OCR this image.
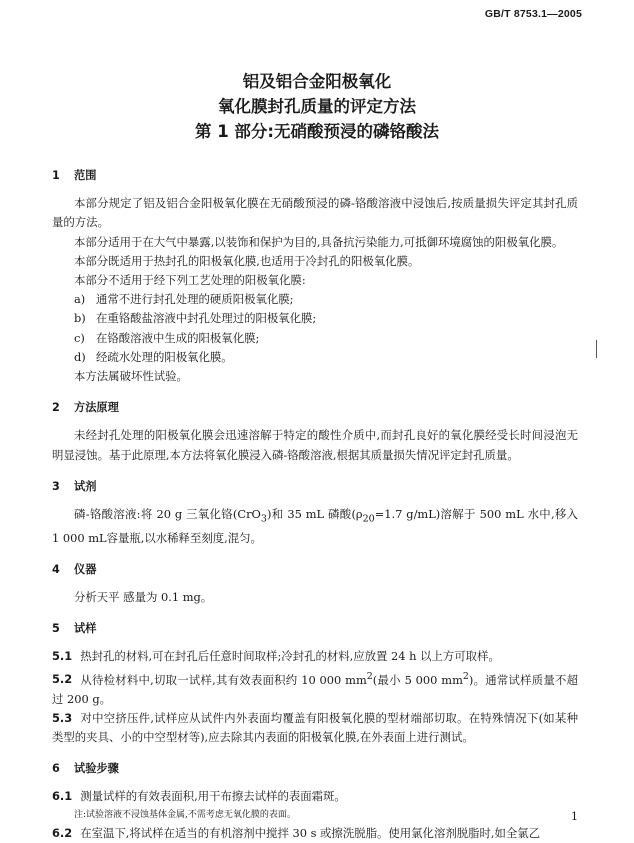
GB/T 8753.1—2005
铝及铝合金阳极氧化
氧化膜封孔质量的评定方法
第 1 部分:无硝酸预浸的磷铬酸法
1 范围

本部分规定了铝及铝合金阳极氧化膜在无硝酸预浸的磷-铬酸溶液中浸蚀后,按质量损失评定其封孔质量的方法。

本部分适用于在大气中暴露,以装饰和保护为目的,具备抗污染能力,可抵御环境腐蚀的阳极氧化膜。

本部分既适用于热封孔的阳极氧化膜,也适用于冷封孔的阳极氧化膜。

本部分不适用于经下列工艺处理的阳极氧化膜:

a) 通常不进行封孔处理的硬质阳极氧化膜;

b) 在重铬酸盐溶液中封孔处理过的阳极氧化膜;

c) 在铬酸溶液中生成的阳极氧化膜;

d) 经疏水处理的阳极氧化膜。

本方法属破坏性试验。

2 方法原理

未经封孔处理的阳极氧化膜会迅速溶解于特定的酸性介质中,而封孔良好的氧化膜经受长时间浸泡无明显浸蚀。基于此原理,本方法将氧化膜浸入磷-铬酸溶液,根据其质量损失情况评定封孔质量。

3 试剂

磷-铬酸溶液:将 20 g 三氧化铬(CrO$_3$)和 35 mL 磷酸($\rho_{20}=1.7$ g/mL)溶解于 500 mL 水中,移入 1 000 mL容量瓶,以水稀释至刻度,混匀。

4 仪器

分析天平 感量为 0.1 mg。

5 试样

5.1 热封孔的材料,可在封孔后任意时间取样;冷封孔的材料,应放置 24 h 以上方可取样。

5.2 从待检材料中,切取一试样,其有效表面积约 10 000 $mm^2$(最小 5 000 $mm^2$)。通常试样质量不超过 200 g。

5.3 对中空挤压件,试样应从试件内外表面均覆盖有阳极氧化膜的型材端部切取。在特殊情况下(如某种类型的夹具、小的中空型材等),应去除其内表面的阳极氧化膜,在外表面上进行测试。

6 试验步骤

6.1 测量试样的有效表面积,用干布擦去试样的表面霜斑。

注:试验溶液不浸蚀基体金属,不需考虑无氧化膜的表面。

6.2 在室温下,将试样在适当的有机溶剂中搅拌 30 s 或擦洗脱脂。使用氯化溶剂脱脂时,如全氯乙

1
